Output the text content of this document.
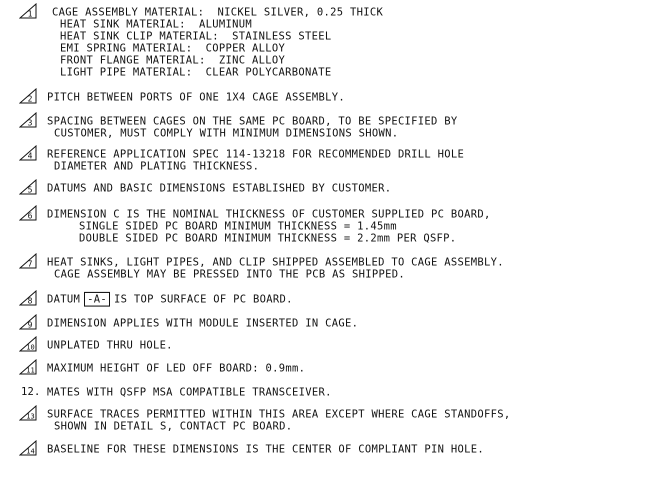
1 CAGE ASSEMBLY MATERIAL:  NICKEL SILVER, 0.25 THICK
HEAT SINK MATERIAL:  ALUMINUM
HEAT SINK CLIP MATERIAL:  STAINLESS STEEL
EMI SPRING MATERIAL:  COPPER ALLOY
FRONT FLANGE MATERIAL:  ZINC ALLOY
LIGHT PIPE MATERIAL:  CLEAR POLYCARBONATE
2 PITCH BETWEEN PORTS OF ONE 1X4 CAGE ASSEMBLY.
3 SPACING BETWEEN CAGES ON THE SAME PC BOARD, TO BE SPECIFIED BY
CUSTOMER, MUST COMPLY WITH MINIMUM DIMENSIONS SHOWN.
4 REFERENCE APPLICATION SPEC 114-13218 FOR RECOMMENDED DRILL HOLE
DIAMETER AND PLATING THICKNESS.
5 DATUMS AND BASIC DIMENSIONS ESTABLISHED BY CUSTOMER.
6 DIMENSION C IS THE NOMINAL THICKNESS OF CUSTOMER SUPPLIED PC BOARD,
SINGLE SIDED PC BOARD MINIMUM THICKNESS = 1.45mm
DOUBLE SIDED PC BOARD MINIMUM THICKNESS = 2.2mm PER QSFP.
7 HEAT SINKS, LIGHT PIPES, AND CLIP SHIPPED ASSEMBLED TO CAGE ASSEMBLY.
CAGE ASSEMBLY MAY BE PRESSED INTO THE PCB AS SHIPPED.
8 DATUM -A- IS TOP SURFACE OF PC BOARD.
9 DIMENSION APPLIES WITH MODULE INSERTED IN CAGE.
10 UNPLATED THRU HOLE.
11 MAXIMUM HEIGHT OF LED OFF BOARD: 0.9mm.
12. MATES WITH QSFP MSA COMPATIBLE TRANSCEIVER.
13 SURFACE TRACES PERMITTED WITHIN THIS AREA EXCEPT WHERE CAGE STANDOFFS,
SHOWN IN DETAIL S, CONTACT PC BOARD.
14 BASELINE FOR THESE DIMENSIONS IS THE CENTER OF COMPLIANT PIN HOLE.
